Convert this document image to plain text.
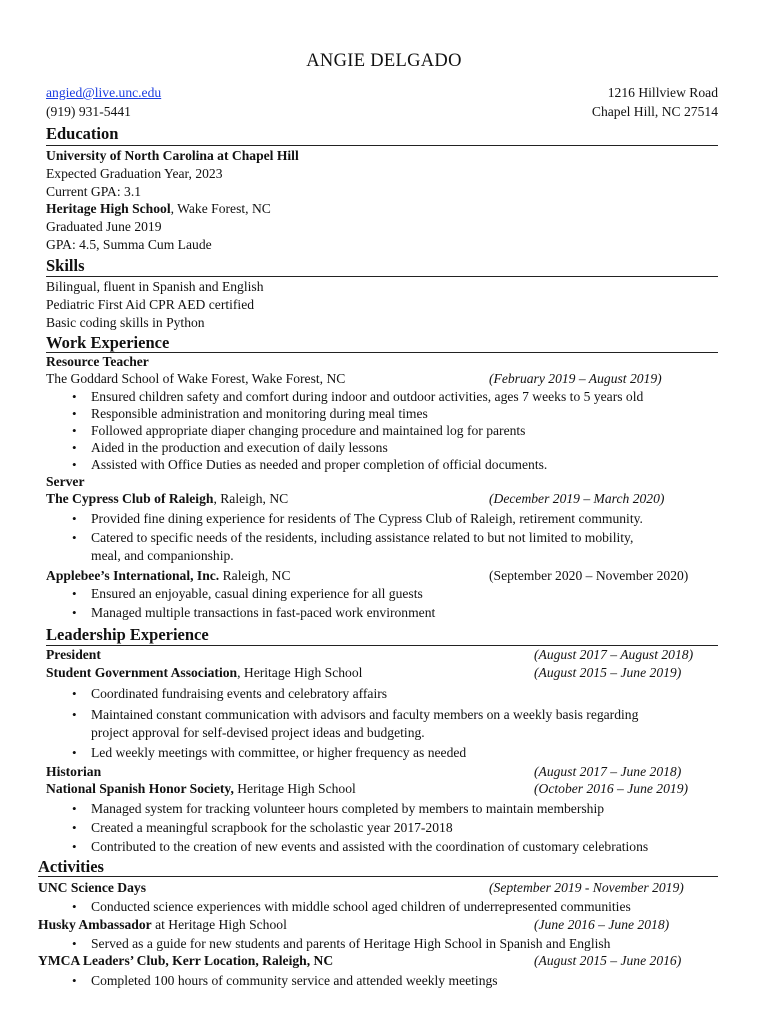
ANGIE DELGADO
angied@live.unc.edu
(919) 931-5441
1216 Hillview Road
Chapel Hill, NC 27514
Education
University of North Carolina at Chapel Hill
Expected Graduation Year, 2023
Current GPA: 3.1
Heritage High School, Wake Forest, NC
Graduated June 2019
GPA: 4.5, Summa Cum Laude
Skills
Bilingual, fluent in Spanish and English
Pediatric First Aid CPR AED certified
Basic coding skills in Python
Work Experience
Resource Teacher
The Goddard School of Wake Forest, Wake Forest, NC	(February 2019 – August 2019)
• Ensured children safety and comfort during indoor and outdoor activities, ages 7 weeks to 5 years old
• Responsible administration and monitoring during meal times
• Followed appropriate diaper changing procedure and maintained log for parents
• Aided in the production and execution of daily lessons
• Assisted with Office Duties as needed and proper completion of official documents.
Server
The Cypress Club of Raleigh, Raleigh, NC	(December 2019 – March 2020)
• Provided fine dining experience for residents of The Cypress Club of Raleigh, retirement community.
• Catered to specific needs of the residents, including assistance related to but not limited to mobility,
meal, and companionship.
Applebee’s International, Inc. Raleigh, NC	(September 2020 – November 2020)
• Ensured an enjoyable, casual dining experience for all guests
• Managed multiple transactions in fast-paced work environment
Leadership Experience
President	(August 2017 – August 2018)
Student Government Association, Heritage High School	(August 2015 – June 2019)
• Coordinated fundraising events and celebratory affairs
• Maintained constant communication with advisors and faculty members on a weekly basis regarding
project approval for self-devised project ideas and budgeting.
• Led weekly meetings with committee, or higher frequency as needed
Historian	(August 2017 – June 2018)
National Spanish Honor Society, Heritage High School	(October 2016 – June 2019)
• Managed system for tracking volunteer hours completed by members to maintain membership
• Created a meaningful scrapbook for the scholastic year 2017-2018
• Contributed to the creation of new events and assisted with the coordination of customary celebrations
Activities
UNC Science Days	(September 2019 - November 2019)
• Conducted science experiences with middle school aged children of underrepresented communities
Husky Ambassador at Heritage High School	(June 2016 – June 2018)
• Served as a guide for new students and parents of Heritage High School in Spanish and English
YMCA Leaders’ Club, Kerr Location, Raleigh, NC	(August 2015 – June 2016)
• Completed 100 hours of community service and attended weekly meetings
